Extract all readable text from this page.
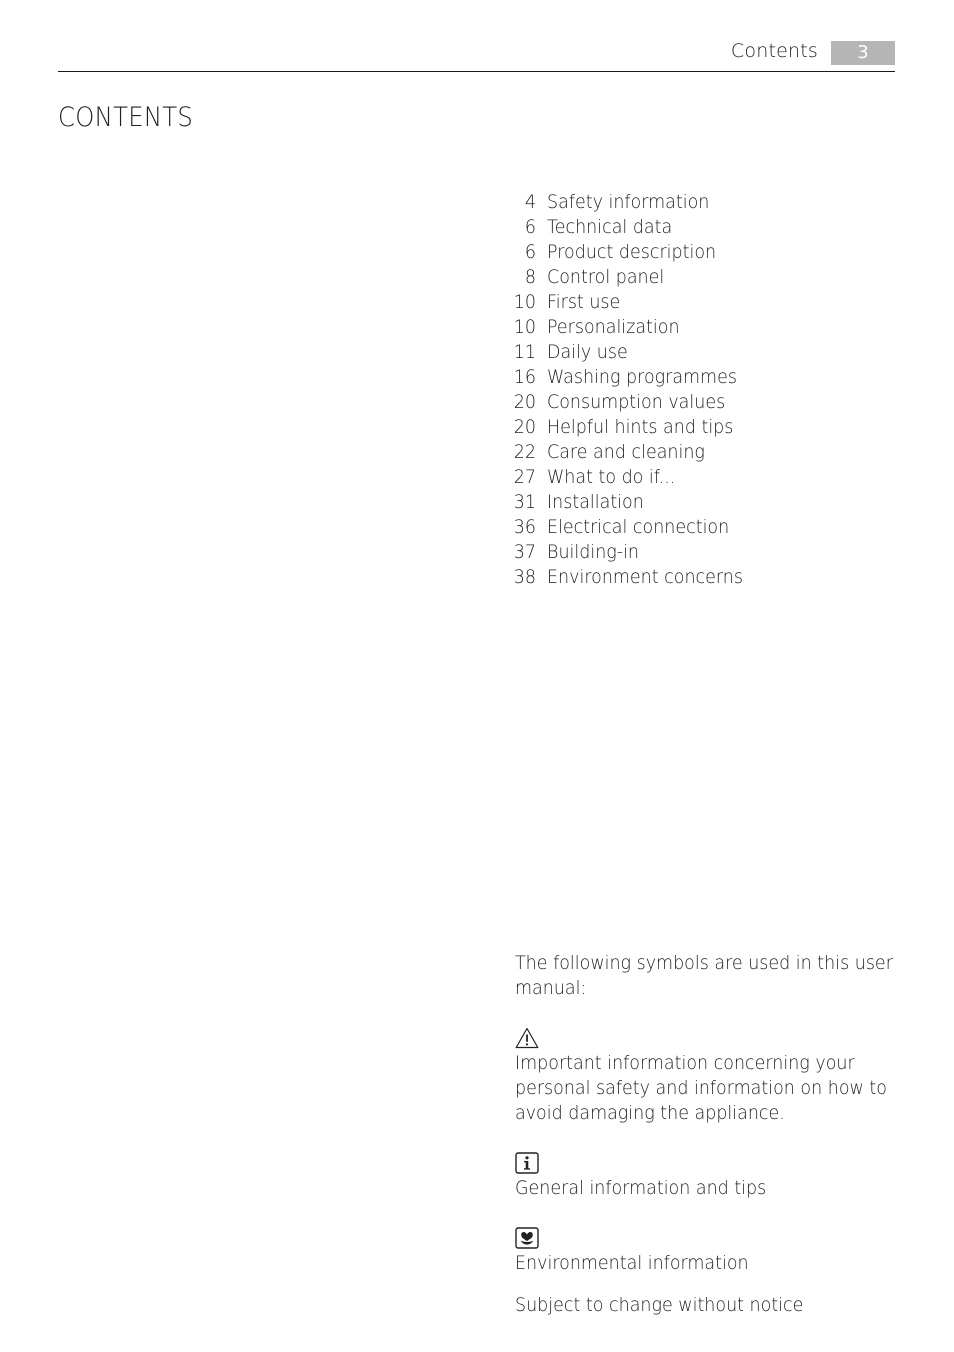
Contents	3
CONTENTS
4 Safety information
6 Technical data
6 Product description
8 Control panel
10 First use
10 Personalization
11 Daily use
16 Washing programmes
20 Consumption values
20 Helpful hints and tips
22 Care and cleaning
27 What to do if...
31 Installation
36 Electrical connection
37 Building-in
38 Environment concerns

The following symbols are used in this user manual:

Important information concerning your personal safety and information on how to avoid damaging the appliance.

General information and tips

Environmental information

Subject to change without notice
